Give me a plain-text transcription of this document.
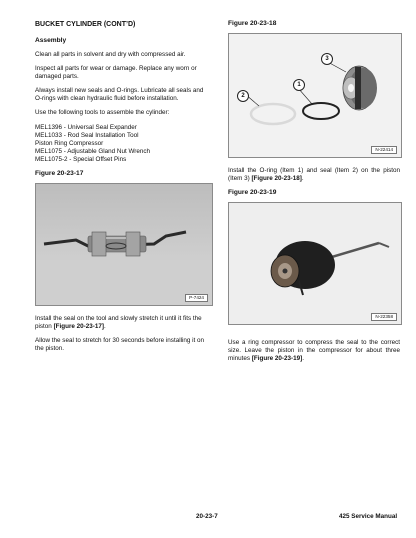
BUCKET CYLINDER (CONT’D)
Assembly

Clean all parts in solvent and dry with compressed air.

Inspect all parts for wear or damage. Replace any worn or damaged parts.

Always install new seals and O-rings. Lubricate all seals and O-rings with clean hydraulic fluid before installation.

Use the following tools to assemble the cylinder:

MEL1396 - Universal Seal Expander
MEL1033 - Rod Seal Installation Tool
Piston Ring Compressor
MEL1075 - Adjustable Gland Nut Wrench
MEL1075-2 - Special Offset Pins
Figure 20-23-17
P-7424

Install the seal on the tool and slowly stretch it until it fits the piston [Figure 20-23-17].

Allow the seal to stretch for 30 seconds before installing it on the piston.

Figure 20-23-18
3
1
2
N-22414

Install the O-ring (Item 1) and seal (Item 2) on the piston (Item 3) [Figure 20-23-18].

Figure 20-23-19
N-22358

Use a ring compressor to compress the seal to the correct size. Leave the piston in the compressor for about three minutes [Figure 20-23-19].

20-23-7	425 Service Manual
